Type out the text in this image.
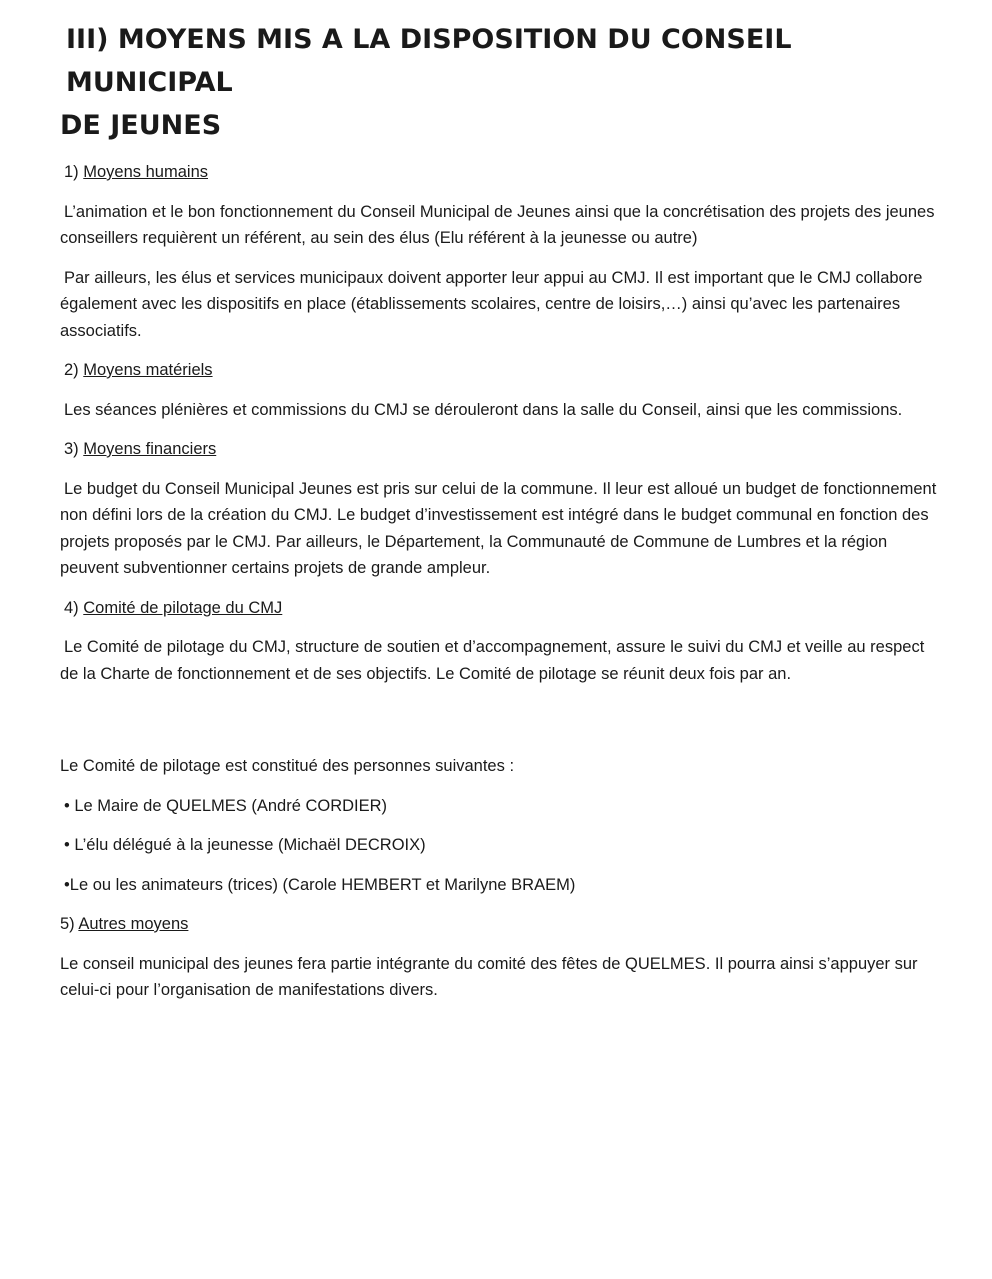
III) MOYENS MIS A LA DISPOSITION DU CONSEIL MUNICIPAL
DE JEUNES
1) Moyens humains

L’animation et le bon fonctionnement du Conseil Municipal de Jeunes ainsi que la concrétisation des projets des jeunes conseillers requièrent un référent, au sein des élus (Elu référent à la jeunesse ou autre)

Par ailleurs, les élus et services municipaux doivent apporter leur appui au CMJ. Il est important que le CMJ collabore également avec les dispositifs en place (établissements scolaires, centre de loisirs,…) ainsi qu’avec les partenaires associatifs.

2) Moyens matériels

Les séances plénières et commissions du CMJ se dérouleront dans la salle du Conseil, ainsi que les commissions.

3) Moyens financiers

Le budget du Conseil Municipal Jeunes est pris sur celui de la commune. Il leur est alloué un budget de fonctionnement non défini lors de la création du CMJ. Le budget d’investissement est intégré dans le budget communal en fonction des projets proposés par le CMJ. Par ailleurs, le Département, la Communauté de Commune de Lumbres et la région peuvent subventionner certains projets de grande ampleur.

4) Comité de pilotage du CMJ

Le Comité de pilotage du CMJ, structure de soutien et d’accompagnement, assure le suivi du CMJ et veille au respect de la Charte de fonctionnement et de ses objectifs. Le Comité de pilotage se réunit deux fois par an.

Le Comité de pilotage est constitué des personnes suivantes :

• Le Maire de QUELMES (André CORDIER)

• L’élu délégué à la jeunesse (Michaël DECROIX)

•Le ou les animateurs (trices) (Carole HEMBERT et Marilyne BRAEM)

5) Autres moyens

Le conseil municipal des jeunes fera partie intégrante du comité des fêtes de QUELMES. Il pourra ainsi s’appuyer sur celui-ci pour l’organisation de manifestations divers.
